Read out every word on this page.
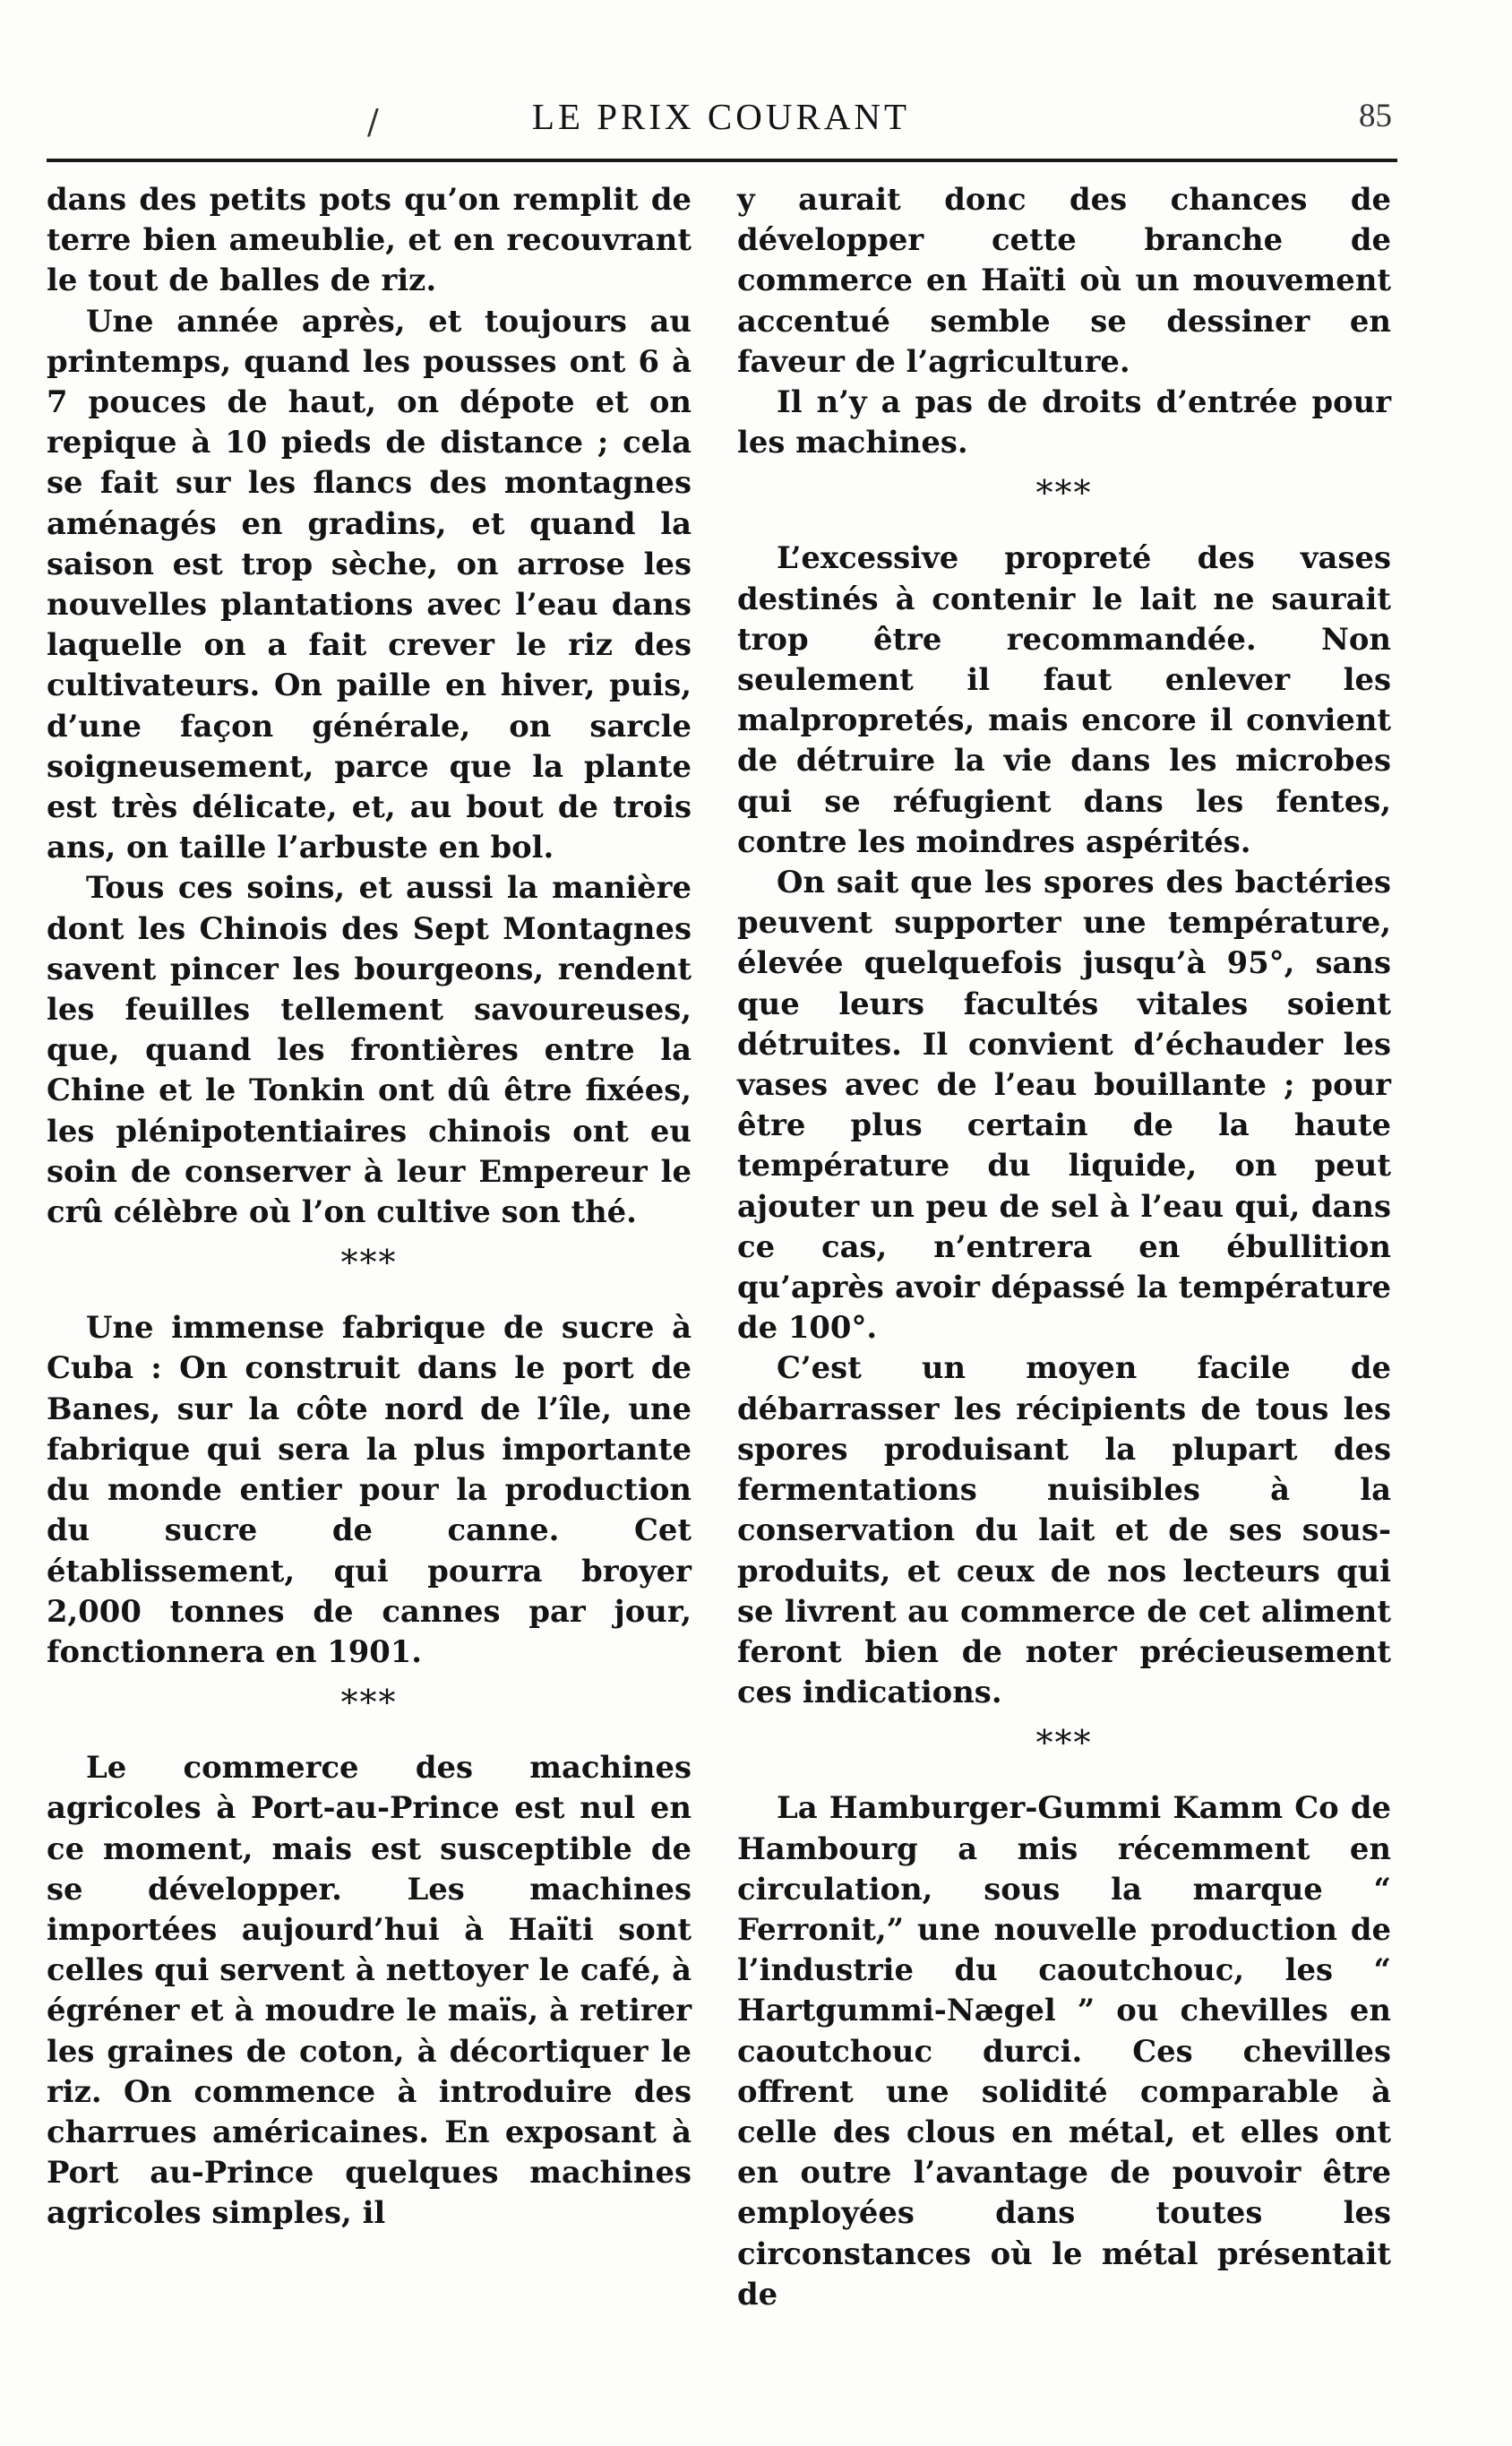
/	LE PRIX COURANT	85

dans des petits pots qu’on remplit de terre bien ameublie, et en recouvrant le tout de balles de riz.

Une année après, et toujours au printemps, quand les pousses ont 6 à 7 pouces de haut, on dépote et on repique à 10 pieds de distance ; cela se fait sur les flancs des montagnes aménagés en gradins, et quand la saison est trop sèche, on arrose les nouvelles plantations avec l’eau dans laquelle on a fait crever le riz des cultivateurs. On paille en hiver, puis, d’une façon générale, on sarcle soigneusement, parce que la plante est très délicate, et, au bout de trois ans, on taille l’arbuste en bol.

Tous ces soins, et aussi la manière dont les Chinois des Sept Montagnes savent pincer les bourgeons, rendent les feuilles tellement savoureuses, que, quand les frontières entre la Chine et le Tonkin ont dû être fixées, les plénipotentiaires chinois ont eu soin de conserver à leur Empereur le crû célèbre où l’on cultive son thé.

***

Une immense fabrique de sucre à Cuba : On construit dans le port de Banes, sur la côte nord de l’île, une fabrique qui sera la plus importante du monde entier pour la production du sucre de canne. Cet établissement, qui pourra broyer 2,000 tonnes de cannes par jour, fonctionnera en 1901.

***

Le commerce des machines agricoles à Port-au-Prince est nul en ce moment, mais est susceptible de se développer. Les machines importées aujourd’hui à Haïti sont celles qui servent à nettoyer le café, à égréner et à moudre le maïs, à retirer les graines de coton, à décortiquer le riz. On commence à introduire des charrues américaines. En exposant à Port au-Prince quelques machines agricoles simples, il

y aurait donc des chances de développer cette branche de commerce en Haïti où un mouvement accentué semble se dessiner en faveur de l’agriculture.

Il n’y a pas de droits d’entrée pour les machines.

***

L’excessive propreté des vases destinés à contenir le lait ne saurait trop être recommandée. Non seulement il faut enlever les malpropretés, mais encore il convient de détruire la vie dans les microbes qui se réfugient dans les fentes, contre les moindres aspérités.

On sait que les spores des bactéries peuvent supporter une température, élevée quelquefois jusqu’à 95°, sans que leurs facultés vitales soient détruites. Il convient d’échauder les vases avec de l’eau bouillante ; pour être plus certain de la haute température du liquide, on peut ajouter un peu de sel à l’eau qui, dans ce cas, n’entrera en ébullition qu’après avoir dépassé la température de 100°.

C’est un moyen facile de débarrasser les récipients de tous les spores produisant la plupart des fermentations nuisibles à la conservation du lait et de ses sous-produits, et ceux de nos lecteurs qui se livrent au commerce de cet aliment feront bien de noter précieusement ces indications.

***

La Hamburger-Gummi Kamm Co de Hambourg a mis récemment en circulation, sous la marque “ Ferronit,” une nouvelle production de l’industrie du caoutchouc, les “ Hartgummi-Nægel ” ou chevilles en caoutchouc durci. Ces chevilles offrent une solidité comparable à celle des clous en métal, et elles ont en outre l’avantage de pouvoir être employées dans toutes les circonstances où le métal présentait de
